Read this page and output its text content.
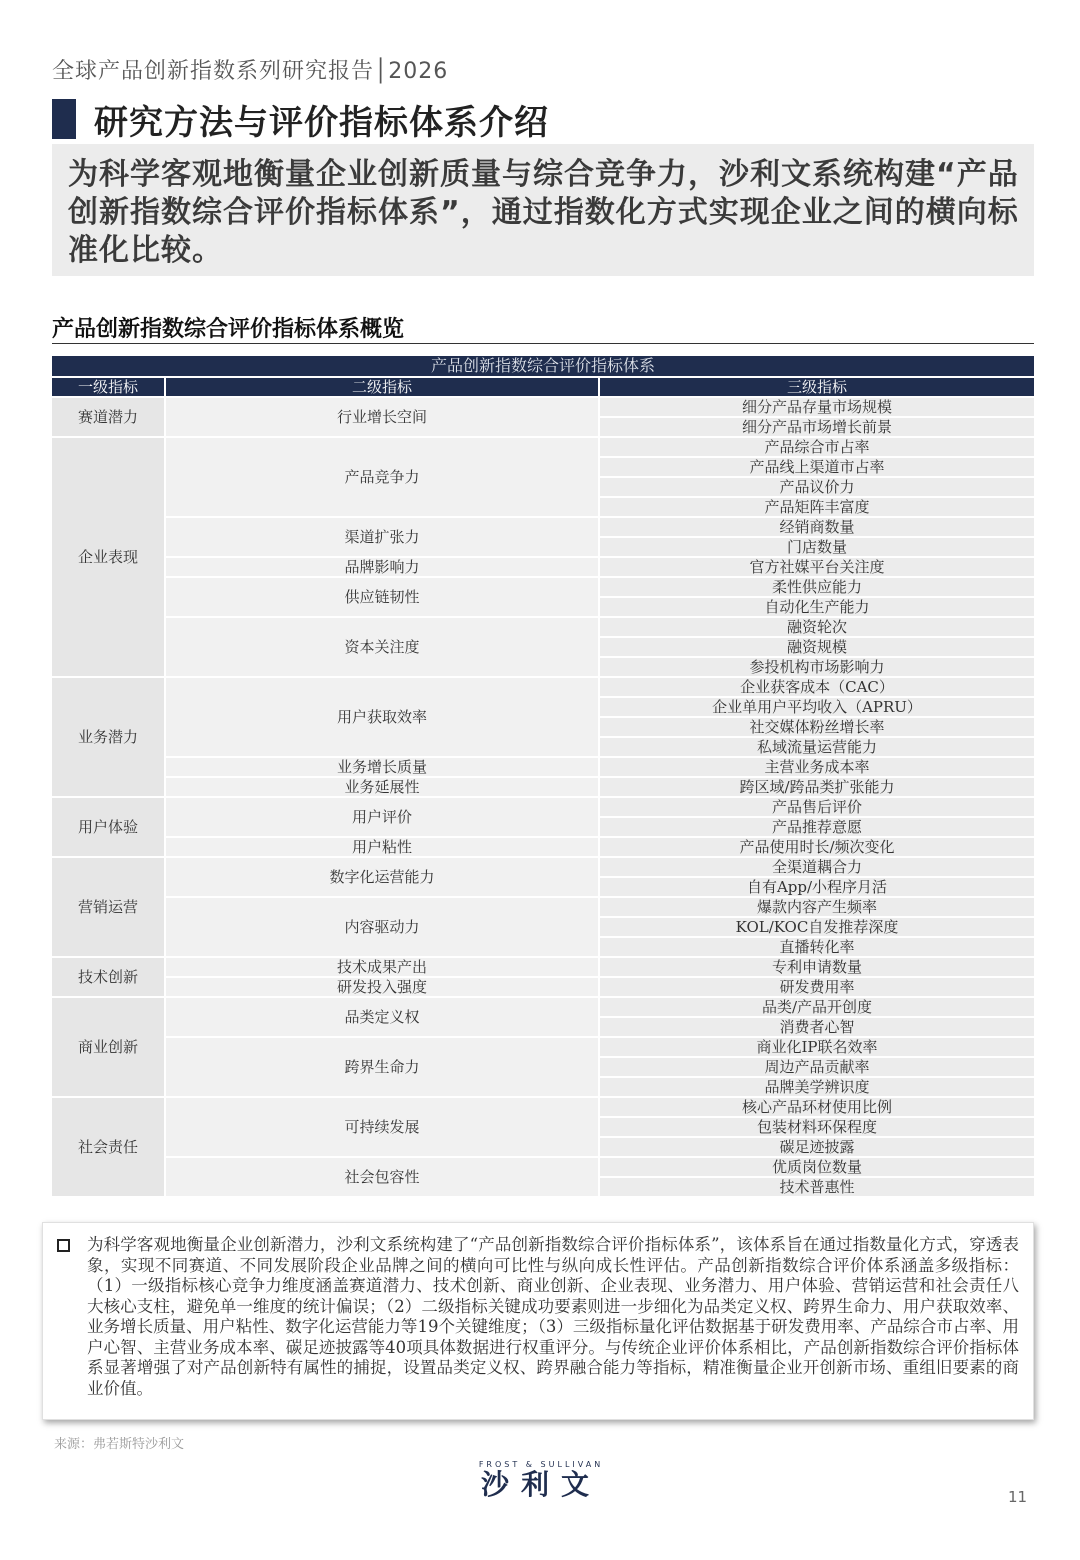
全球产品创新指数系列研究报告│2026
研究方法与评价指标体系介绍
为科学客观地衡量企业创新质量与综合竞争力，沙利文系统构建“产品创新指数综合评价指标体系”，通过指数化方式实现企业之间的横向标准化比较。
产品创新指数综合评价指标体系概览
产品创新指数综合评价指标体系
一级指标	二级指标	三级指标
赛道潜力	行业增长空间	细分产品存量市场规模
		细分产品市场增长前景
企业表现	产品竞争力	产品综合市占率
		产品线上渠道市占率
		产品议价力
		产品矩阵丰富度
	渠道扩张力	经销商数量
		门店数量
	品牌影响力	官方社媒平台关注度
	供应链韧性	柔性供应能力
		自动化生产能力
	资本关注度	融资轮次
		融资规模
		参投机构市场影响力
业务潜力	用户获取效率	企业获客成本（CAC）
		企业单用户平均收入（APRU）
		社交媒体粉丝增长率
		私域流量运营能力
	业务增长质量	主营业务成本率
	业务延展性	跨区域/跨品类扩张能力
用户体验	用户评价	产品售后评价
		产品推荐意愿
	用户粘性	产品使用时长/频次变化
营销运营	数字化运营能力	全渠道耦合力
		自有App/小程序月活
	内容驱动力	爆款内容产生频率
		KOL/KOC自发推荐深度
		直播转化率
技术创新	技术成果产出	专利申请数量
	研发投入强度	研发费用率
商业创新	品类定义权	品类/产品开创度
		消费者心智
	跨界生命力	商业化IP联名效率
		周边产品贡献率
		品牌美学辨识度
社会责任	可持续发展	核心产品环材使用比例
		包装材料环保程度
		碳足迹披露
	社会包容性	优质岗位数量
		技术普惠性
为科学客观地衡量企业创新潜力，沙利文系统构建了“产品创新指数综合评价指标体系”，该体系旨在通过指数量化方式，穿透表象，实现不同赛道、不同发展阶段企业品牌之间的横向可比性与纵向成长性评估。产品创新指数综合评价体系涵盖多级指标：（1）一级指标核心竞争力维度涵盖赛道潜力、技术创新、商业创新、企业表现、业务潜力、用户体验、营销运营和社会责任八大核心支柱，避免单一维度的统计偏误；（2）二级指标关键成功要素则进一步细化为品类定义权、跨界生命力、用户获取效率、业务增长质量、用户粘性、数字化运营能力等19个关键维度；（3）三级指标量化评估数据基于研发费用率、产品综合市占率、用户心智、主营业务成本率、碳足迹披露等40项具体数据进行权重评分。与传统企业评价体系相比，产品创新指数综合评价指标体系显著增强了对产品创新特有属性的捕捉，设置品类定义权、跨界融合能力等指标，精准衡量企业开创新市场、重组旧要素的商业价值。
来源：弗若斯特沙利文
FROST & SULLIVAN
沙利文	11
